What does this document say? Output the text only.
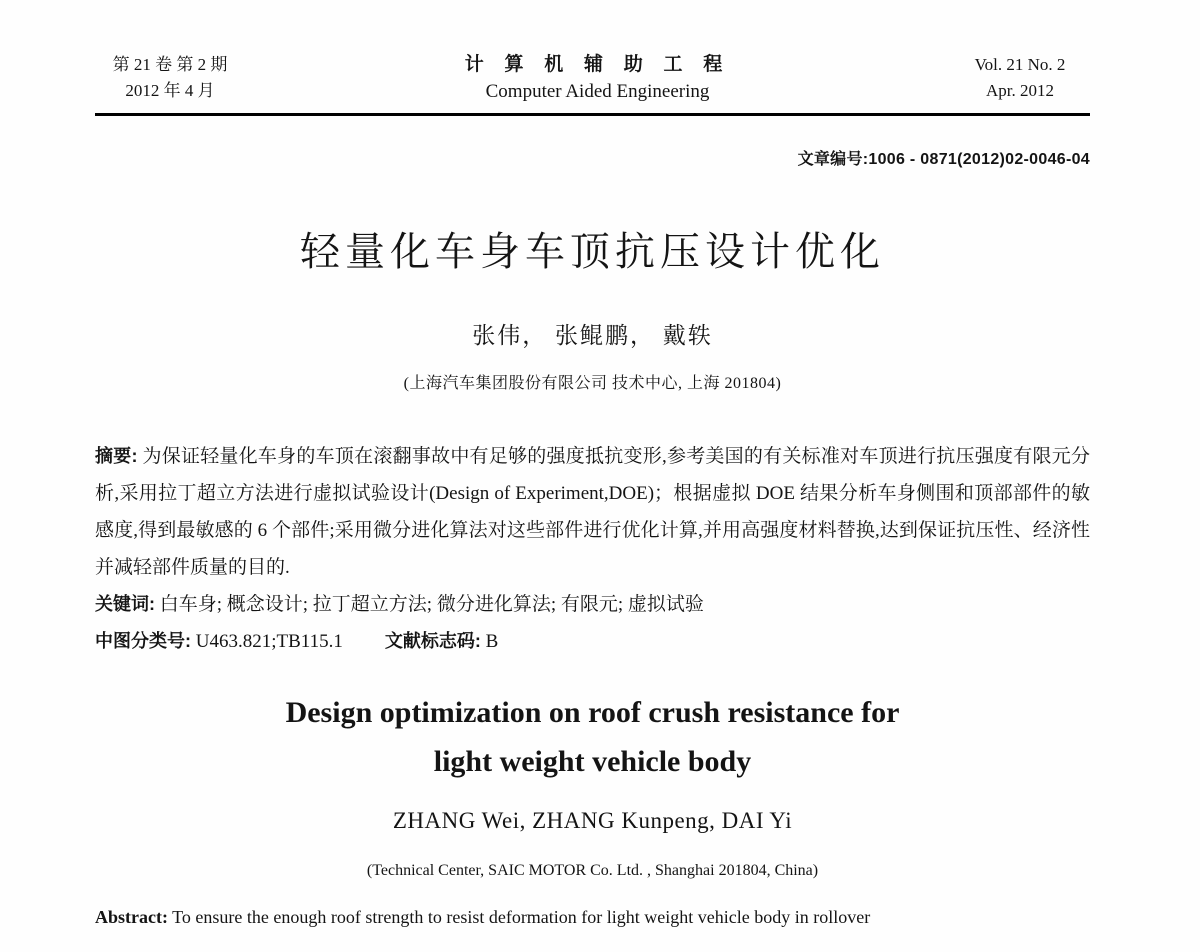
第 21 卷 第 2 期
2012 年 4 月
计 算 机 辅 助 工 程
Computer Aided Engineering
Vol. 21 No. 2
Apr. 2012
文章编号:1006 - 0871(2012)02-0046-04
轻量化车身车顶抗压设计优化
张伟， 张鲲鹏， 戴轶
(上海汽车集团股份有限公司 技术中心, 上海 201804)

摘要: 为保证轻量化车身的车顶在滚翻事故中有足够的强度抵抗变形,参考美国的有关标准对车顶进行抗压强度有限元分析,采用拉丁超立方法进行虚拟试验设计(Design of Experiment,DOE)；根据虚拟 DOE 结果分析车身侧围和顶部部件的敏感度,得到最敏感的 6 个部件;采用微分进化算法对这些部件进行优化计算,并用高强度材料替换,达到保证抗压性、经济性并减轻部件质量的目的.

关键词: 白车身; 概念设计; 拉丁超立方法; 微分进化算法; 有限元; 虚拟试验

中图分类号: U463.821;TB115.1 文献标志码: B

Design optimization on roof crush resistance for
light weight vehicle body
ZHANG Wei, ZHANG Kunpeng, DAI Yi
(Technical Center, SAIC MOTOR Co. Ltd. , Shanghai 201804, China)

Abstract: To ensure the enough roof strength to resist deformation for light weight vehicle body in rollover
